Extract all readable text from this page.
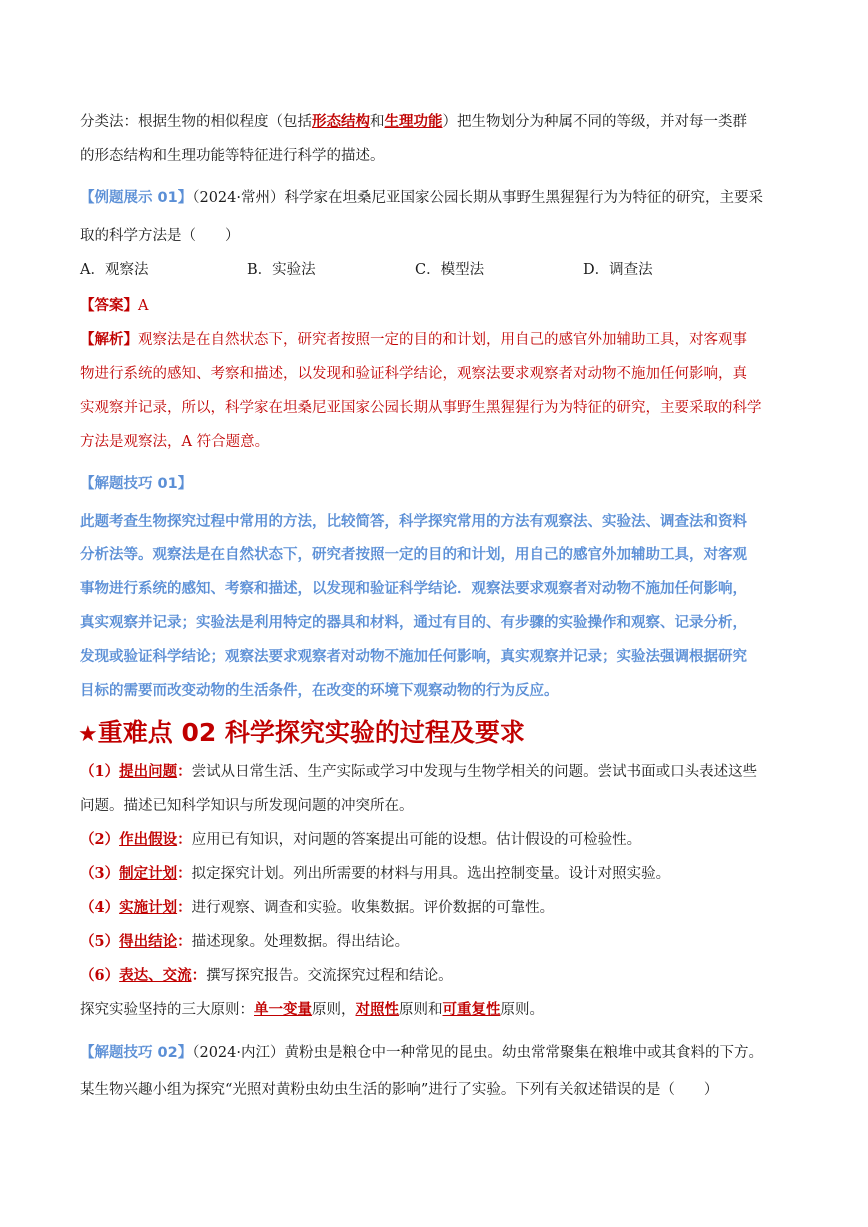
分类法：根据生物的相似程度（包括形态结构和生理功能）把生物划分为种属不同的等级，并对每一类群
的形态结构和生理功能等特征进行科学的描述。
【例题展示 01】（2024·常州）科学家在坦桑尼亚国家公园长期从事野生黑猩猩行为为特征的研究，主要采
取的科学方法是（　　）
A．观察法	B．实验法	C．模型法	D．调查法
【答案】A
【解析】观察法是在自然状态下，研究者按照一定的目的和计划，用自己的感官外加辅助工具，对客观事
物进行系统的感知、考察和描述，以发现和验证科学结论，观察法要求观察者对动物不施加任何影响，真
实观察并记录，所以，科学家在坦桑尼亚国家公园长期从事野生黑猩猩行为为特征的研究，主要采取的科学
方法是观察法，A 符合题意。
【解题技巧 01】
此题考查生物探究过程中常用的方法，比较简答，科学探究常用的方法有观察法、实验法、调查法和资料
分析法等。观察法是在自然状态下，研究者按照一定的目的和计划，用自己的感官外加辅助工具，对客观
事物进行系统的感知、考察和描述，以发现和验证科学结论．观察法要求观察者对动物不施加任何影响，
真实观察并记录；实验法是利用特定的器具和材料，通过有目的、有步骤的实验操作和观察、记录分析，
发现或验证科学结论；观察法要求观察者对动物不施加任何影响，真实观察并记录；实验法强调根据研究
目标的需要而改变动物的生活条件，在改变的环境下观察动物的行为反应。
★重难点 02 科学探究实验的过程及要求
（1）提出问题：尝试从日常生活、生产实际或学习中发现与生物学相关的问题。尝试书面或口头表述这些
问题。描述已知科学知识与所发现问题的冲突所在。
（2）作出假设：应用已有知识，对问题的答案提出可能的设想。估计假设的可检验性。
（3）制定计划：拟定探究计划。列出所需要的材料与用具。选出控制变量。设计对照实验。
（4）实施计划：进行观察、调查和实验。收集数据。评价数据的可靠性。
（5）得出结论：描述现象。处理数据。得出结论。
（6）表达、交流：撰写探究报告。交流探究过程和结论。
探究实验坚持的三大原则：单一变量原则，对照性原则和可重复性原则。
【解题技巧 02】（2024·内江）黄粉虫是粮仓中一种常见的昆虫。幼虫常常聚集在粮堆中或其食料的下方。
某生物兴趣小组为探究“光照对黄粉虫幼虫生活的影响”进行了实验。下列有关叙述错误的是（　　）
